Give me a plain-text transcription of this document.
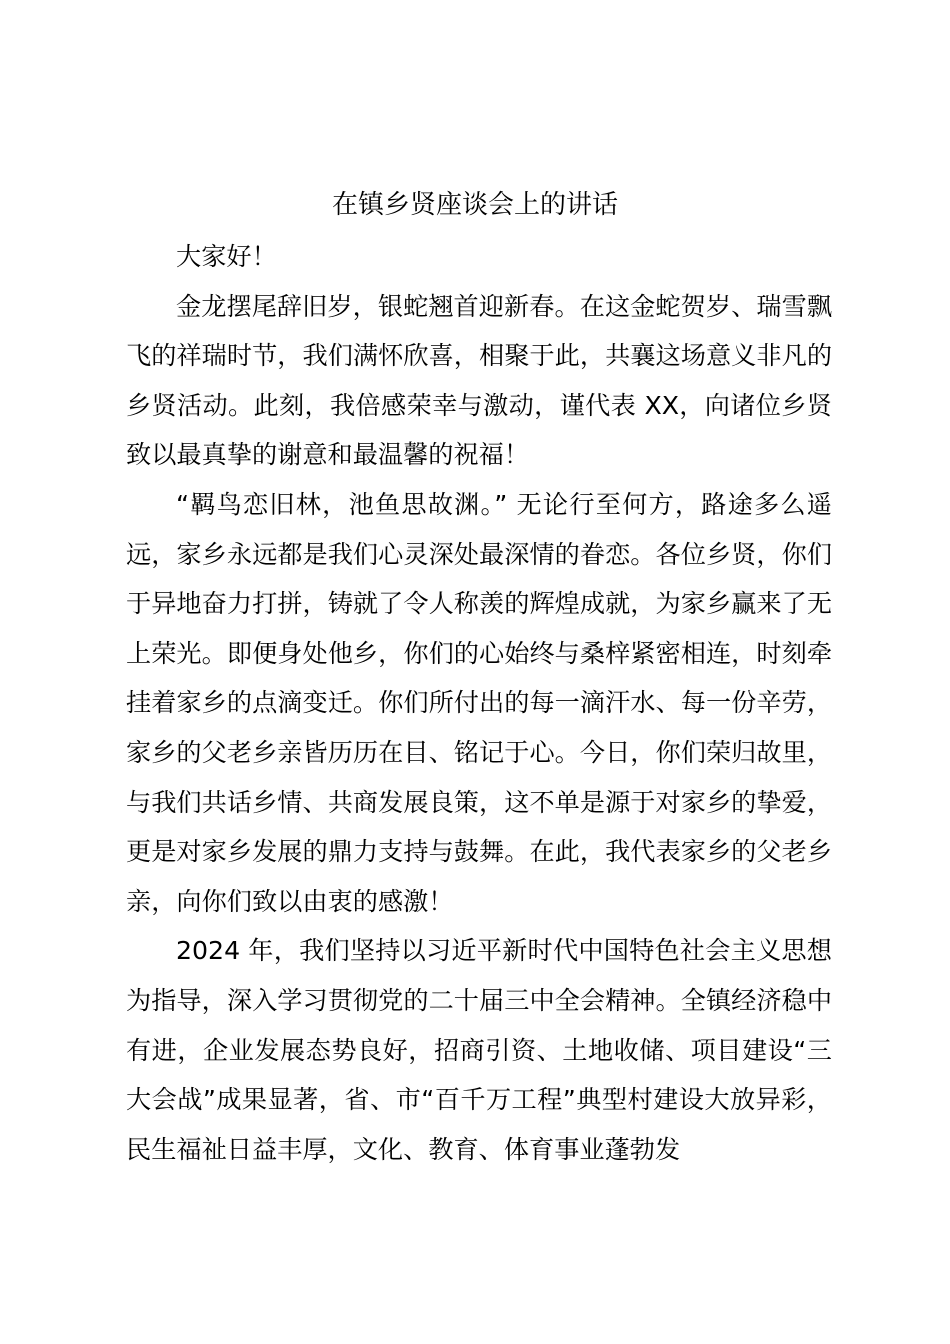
在镇乡贤座谈会上的讲话

大家好！

金龙摆尾辞旧岁，银蛇翘首迎新春。在这金蛇贺岁、瑞雪飘飞的祥瑞时节，我们满怀欣喜，相聚于此，共襄这场意义非凡的乡贤活动。此刻，我倍感荣幸与激动，谨代表 XX，向诸位乡贤致以最真挚的谢意和最温馨的祝福！

“羁鸟恋旧林，池鱼思故渊。” 无论行至何方，路途多么遥远，家乡永远都是我们心灵深处最深情的眷恋。各位乡贤，你们于异地奋力打拼，铸就了令人称羡的辉煌成就，为家乡赢来了无上荣光。即便身处他乡，你们的心始终与桑梓紧密相连，时刻牵挂着家乡的点滴变迁。你们所付出的每一滴汗水、每一份辛劳，家乡的父老乡亲皆历历在目、铭记于心。今日，你们荣归故里，与我们共话乡情、共商发展良策，这不单是源于对家乡的挚爱，更是对家乡发展的鼎力支持与鼓舞。在此，我代表家乡的父老乡亲，向你们致以由衷的感激！

2024 年，我们坚持以习近平新时代中国特色社会主义思想为指导，深入学习贯彻党的二十届三中全会精神。全镇经济稳中有进，企业发展态势良好，招商引资、土地收储、项目建设“三大会战”成果显著，省、市“百千万工程”典型村建设大放异彩，民生福祉日益丰厚，文化、教育、体育事业蓬勃发
